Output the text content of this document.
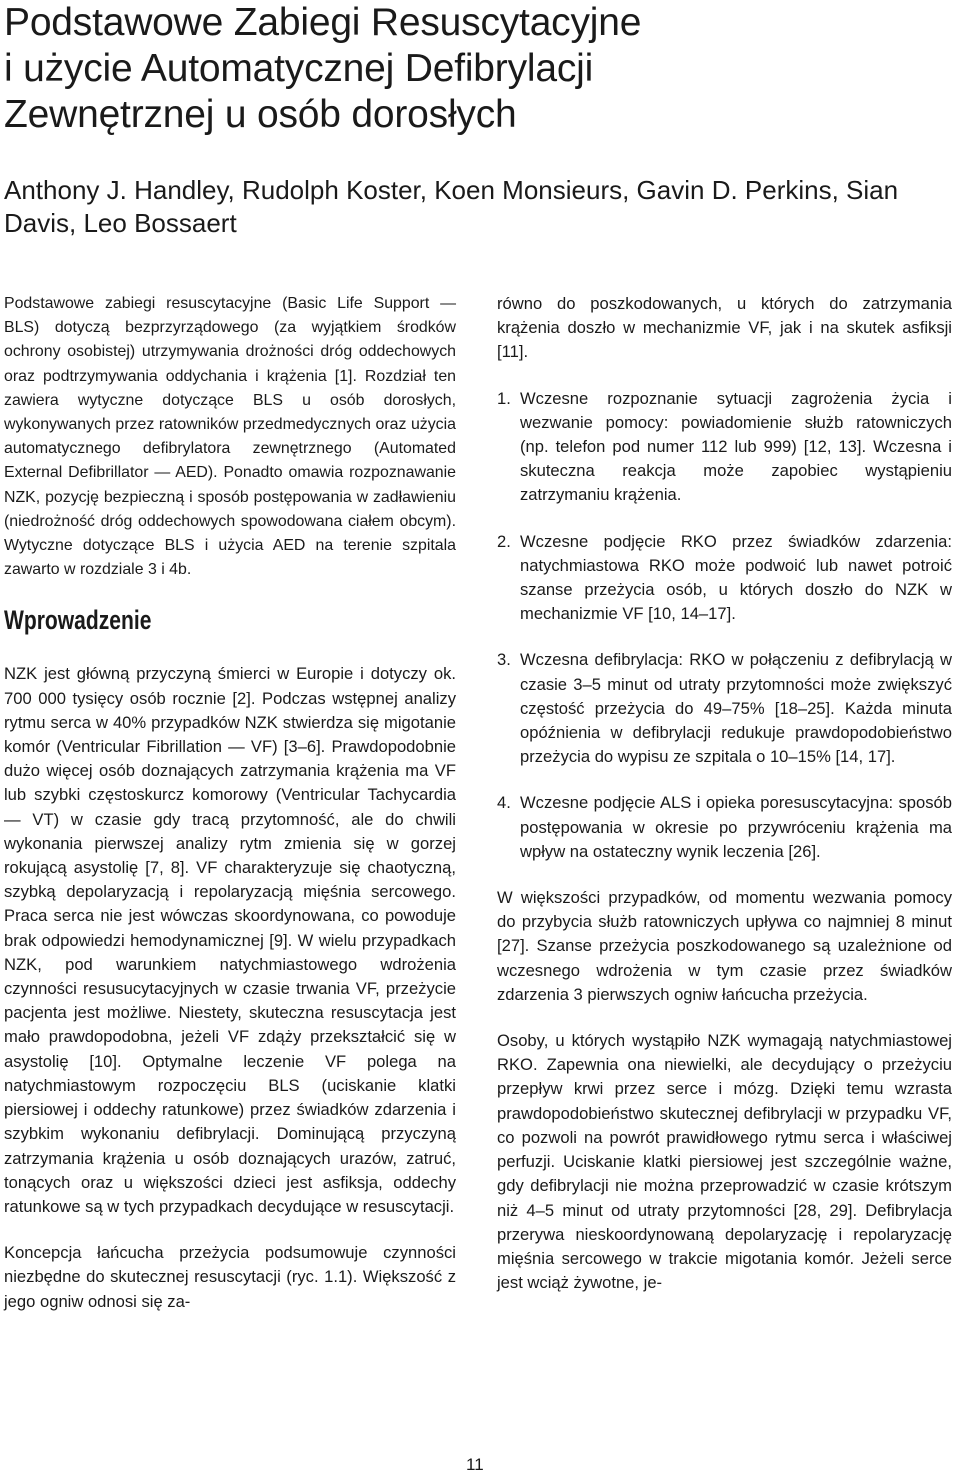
Podstawowe Zabiegi Resuscytacyjne
i użycie Automatycznej Defibrylacji
Zewnętrznej u osób dorosłych

Anthony J. Handley, Rudolph Koster, Koen Monsieurs, Gavin D. Perkins, Sian Davis, Leo Bossaert

Podstawowe zabiegi resuscytacyjne (Basic Life Support — BLS) dotyczą bezprzyrządowego (za wyjątkiem środków ochrony osobistej) utrzymywania drożności dróg oddechowych oraz podtrzymywania oddychania i krążenia [1]. Rozdział ten zawiera wytyczne dotyczące BLS u osób dorosłych, wykonywanych przez ratowników przedmedycznych oraz użycia automatycznego defibrylatora zewnętrznego (Automated External Defibrillator — AED). Ponadto omawia rozpoznawanie NZK, pozycję bezpieczną i sposób postępowania w zadławieniu (niedrożność dróg oddechowych spowodowana ciałem obcym). Wytyczne dotyczące BLS i użycia AED na terenie szpitala zawarto w rozdziale 3 i 4b.

Wprowadzenie

NZK jest główną przyczyną śmierci w Europie i dotyczy ok. 700 000 tysięcy osób rocznie [2]. Podczas wstępnej analizy rytmu serca w 40% przypadków NZK stwierdza się migotanie komór (Ventricular Fibrillation — VF) [3–6]. Prawdopodobnie dużo więcej osób doznających zatrzymania krążenia ma VF lub szybki częstoskurcz komorowy (Ventricular Tachycardia — VT) w czasie gdy tracą przytomność, ale do chwili wykonania pierwszej analizy rytm zmienia się w gorzej rokującą asystolię [7, 8]. VF charakteryzuje się chaotyczną, szybką depolaryzacją i repolaryzacją mięśnia sercowego. Praca serca nie jest wówczas skoordynowana, co powoduje brak odpowiedzi hemodynamicznej [9]. W wielu przypadkach NZK, pod warunkiem natychmiastowego wdrożenia czynności resusucytacyjnych w czasie trwania VF, przeżycie pacjenta jest możliwe. Niestety, skuteczna resuscytacja jest mało prawdopodobna, jeżeli VF zdąży przekształcić się w asystolię [10]. Optymalne leczenie VF polega na natychmiastowym rozpoczęciu BLS (uciskanie klatki piersiowej i oddechy ratunkowe) przez świadków zdarzenia i szybkim wykonaniu defibrylacji. Dominującą przyczyną zatrzymania krążenia u osób doznających urazów, zatruć, tonących oraz u większości dzieci jest asfiksja, oddechy ratunkowe są w tych przypadkach decydujące w resuscytacji.

Koncepcja łańcucha przeżycia podsumowuje czynności niezbędne do skutecznej resuscytacji (ryc. 1.1). Większość z jego ogniw odnosi się za-

równo do poszkodowanych, u których do zatrzymania krążenia doszło w mechanizmie VF, jak i na skutek asfiksji [11].

1. Wczesne rozpoznanie sytuacji zagrożenia życia i wezwanie pomocy: powiadomienie służb ratowniczych (np. telefon pod numer 112 lub 999) [12, 13]. Wczesna i skuteczna reakcja może zapobiec wystąpieniu zatrzymaniu krążenia.
2. Wczesne podjęcie RKO przez świadków zdarzenia: natychmiastowa RKO może podwoić lub nawet potroić szanse przeżycia osób, u których doszło do NZK w mechanizmie VF [10, 14–17].
3. Wczesna defibrylacja: RKO w połączeniu z defibrylacją w czasie 3–5 minut od utraty przytomności może zwiększyć częstość przeżycia do 49–75% [18–25]. Każda minuta opóźnienia w defibrylacji redukuje prawdopodobieństwo przeżycia do wypisu ze szpitala o 10–15% [14, 17].
4. Wczesne podjęcie ALS i opieka poresuscytacyjna: sposób postępowania w okresie po przywróceniu krążenia ma wpływ na ostateczny wynik leczenia [26].

W większości przypadków, od momentu wezwania pomocy do przybycia służb ratowniczych upływa co najmniej 8 minut [27]. Szanse przeżycia poszkodowanego są uzależnione od wczesnego wdrożenia w tym czasie przez świadków zdarzenia 3 pierwszych ogniw łańcucha przeżycia.

Osoby, u których wystąpiło NZK wymagają natychmiastowej RKO. Zapewnia ona niewielki, ale decydujący o przeżyciu przepływ krwi przez serce i mózg. Dzięki temu wzrasta prawdopodobieństwo skutecznej defibrylacji w przypadku VF, co pozwoli na powrót prawidłowego rytmu serca i właściwej perfuzji. Uciskanie klatki piersiowej jest szczególnie ważne, gdy defibrylacji nie można przeprowadzić w czasie krótszym niż 4–5 minut od utraty przytomności [28, 29]. Defibrylacja przerywa nieskoordynowaną depolaryzację i repolaryzację mięśnia sercowego w trakcie migotania komór. Jeżeli serce jest wciąż żywotne, je-

11
